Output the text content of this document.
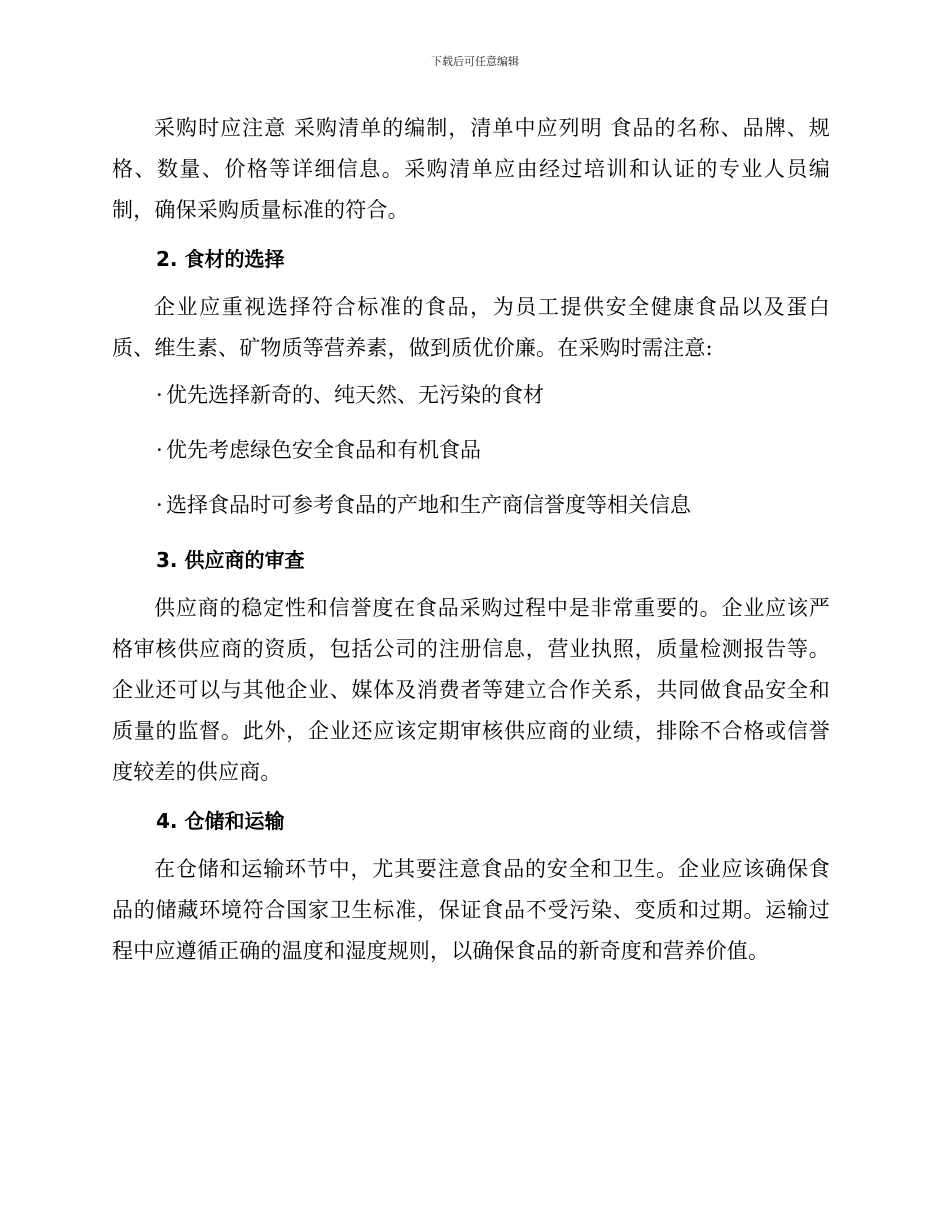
下载后可任意编辑

采购时应注意 采购清单的编制，清单中应列明 食品的名称、品牌、规格、数量、价格等详细信息。采购清单应由经过培训和认证的专业人员编制，确保采购质量标准的符合。

2. 食材的选择

企业应重视选择符合标准的食品，为员工提供安全健康食品以及蛋白质、维生素、矿物质等营养素，做到质优价廉。在采购时需注意:

· 优先选择新奇的、纯天然、无污染的食材
· 优先考虑绿色安全食品和有机食品
· 选择食品时可参考食品的产地和生产商信誉度等相关信息
3. 供应商的审查

供应商的稳定性和信誉度在食品采购过程中是非常重要的。企业应该严格审核供应商的资质，包括公司的注册信息，营业执照，质量检测报告等。企业还可以与其他企业、媒体及消费者等建立合作关系，共同做食品安全和质量的监督。此外，企业还应该定期审核供应商的业绩，排除不合格或信誉度较差的供应商。

4. 仓储和运输

在仓储和运输环节中，尤其要注意食品的安全和卫生。企业应该确保食品的储藏环境符合国家卫生标准，保证食品不受污染、变质和过期。运输过程中应遵循正确的温度和湿度规则，以确保食品的新奇度和营养价值。
